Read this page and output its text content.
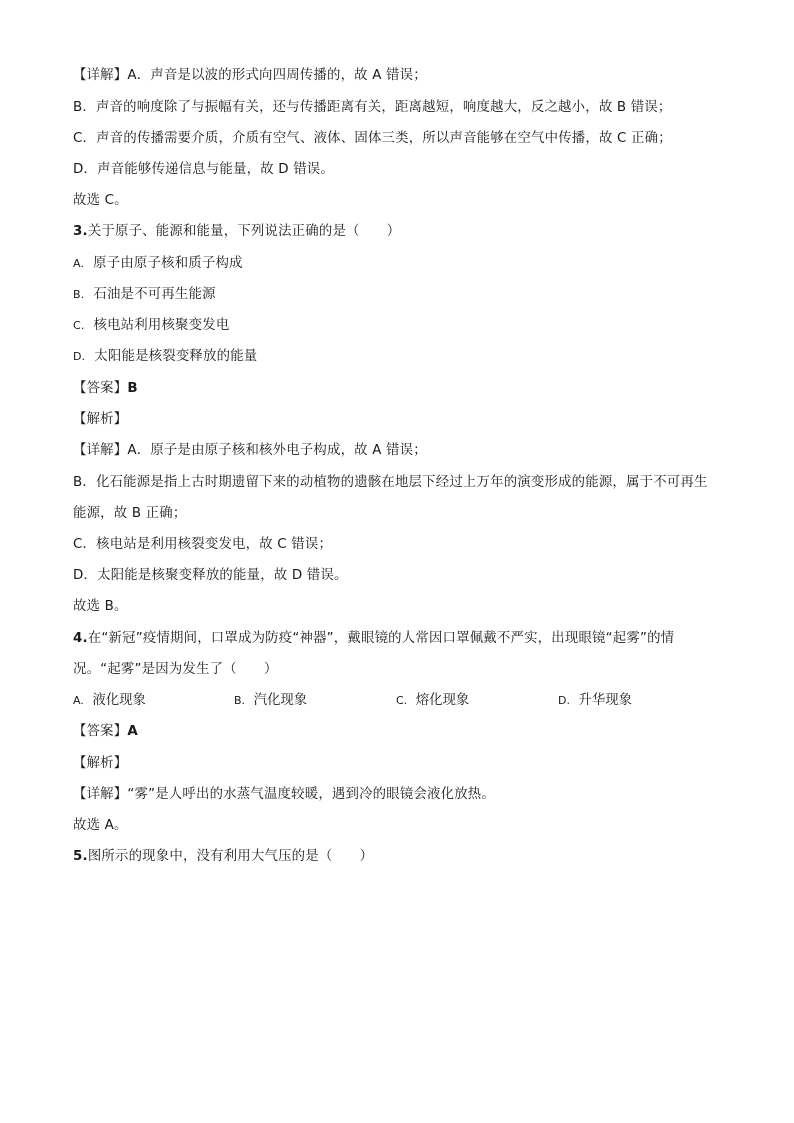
【详解】A．声音是以波的形式向四周传播的，故 A 错误；
B．声音的响度除了与振幅有关，还与传播距离有关，距离越短，响度越大，反之越小，故 B 错误；
C．声音的传播需要介质，介质有空气、液体、固体三类，所以声音能够在空气中传播，故 C 正确；
D．声音能够传递信息与能量，故 D 错误。
故选 C。
3.关于原子、能源和能量，下列说法正确的是（　　）
A. 原子由原子核和质子构成
B. 石油是不可再生能源
C. 核电站利用核聚变发电
D. 太阳能是核裂变释放的能量
【答案】B
【解析】
【详解】A．原子是由原子核和核外电子构成，故 A 错误；
B．化石能源是指上古时期遗留下来的动植物的遗骸在地层下经过上万年的演变形成的能源，属于不可再生
能源，故 B 正确；
C．核电站是利用核裂变发电，故 C 错误；
D．太阳能是核聚变释放的能量，故 D 错误。
故选 B。
4.在“新冠”疫情期间，口罩成为防疫“神器”，戴眼镜的人常因口罩佩戴不严实，出现眼镜“起雾”的情
况。“起雾”是因为发生了（　　）
A. 液化现象	B. 汽化现象	C. 熔化现象	D. 升华现象
【答案】A
【解析】
【详解】“雾”是人呼出的水蒸气温度较暖，遇到冷的眼镜会液化放热。
故选 A。
5.图所示的现象中，没有利用大气压的是（　　）
